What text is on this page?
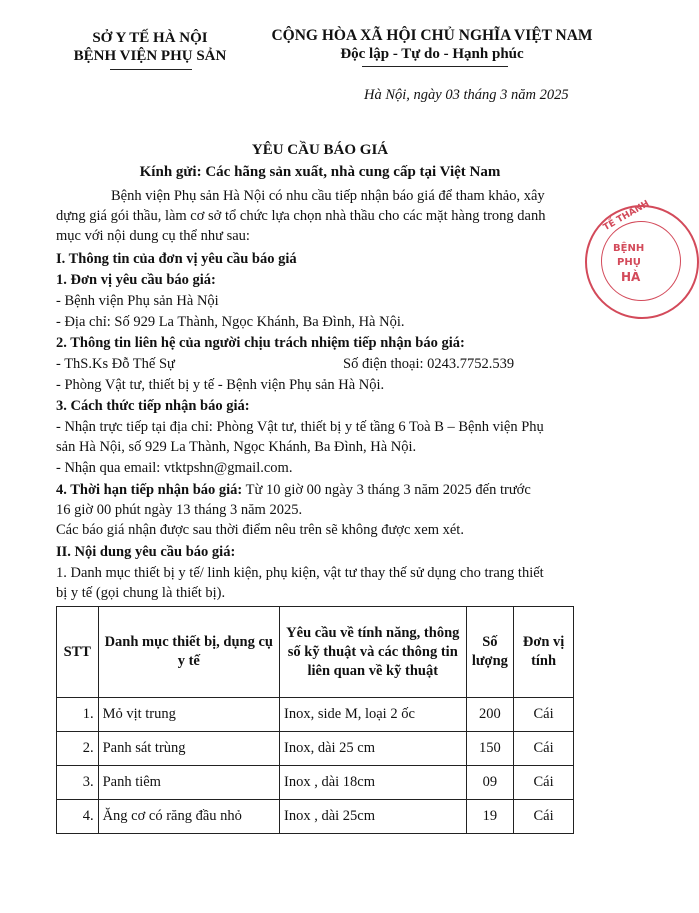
SỞ Y TẾ HÀ NỘI
BỆNH VIỆN PHỤ SẢN
CỘNG HÒA XÃ HỘI CHỦ NGHĨA VIỆT NAM
Độc lập - Tự do - Hạnh phúc
Hà Nội, ngày 03 tháng 3 năm 2025
YÊU CẦU BÁO GIÁ
Kính gửi: Các hãng sản xuất, nhà cung cấp tại Việt Nam
Bệnh viện Phụ sản Hà Nội có nhu cầu tiếp nhận báo giá để tham khảo, xây
dựng giá gói thầu, làm cơ sở tổ chức lựa chọn nhà thầu cho các mặt hàng trong danh
mục với nội dung cụ thể như sau:
I. Thông tin của đơn vị yêu cầu báo giá
1. Đơn vị yêu cầu báo giá:
- Bệnh viện Phụ sản Hà Nội
- Địa chỉ: Số 929 La Thành, Ngọc Khánh, Ba Đình, Hà Nội.
2. Thông tin liên hệ của người chịu trách nhiệm tiếp nhận báo giá:
- ThS.Ks Đỗ Thế Sự	Số điện thoại: 0243.7752.539
- Phòng Vật tư, thiết bị y tế - Bệnh viện Phụ sản Hà Nội.
3. Cách thức tiếp nhận báo giá:
- Nhận trực tiếp tại địa chỉ: Phòng Vật tư, thiết bị y tế tầng 6 Toà B – Bệnh viện Phụ
sản Hà Nội, số 929 La Thành, Ngọc Khánh, Ba Đình, Hà Nội.
- Nhận qua email: vtktpshn@gmail.com.
4. Thời hạn tiếp nhận báo giá: Từ 10 giờ 00 ngày 3 tháng 3 năm 2025 đến trước
16 giờ 00 phút ngày 13 tháng 3 năm 2025.
Các báo giá nhận được sau thời điểm nêu trên sẽ không được xem xét.
II. Nội dung yêu cầu báo giá:
1. Danh mục thiết bị y tế/ linh kiện, phụ kiện, vật tư thay thế sử dụng cho trang thiết
bị y tế (gọi chung là thiết bị).
STT	Danh mục thiết bị, dụng cụ y tế	Yêu cầu về tính năng, thông số kỹ thuật và các thông tin liên quan về kỹ thuật	Số lượng	Đơn vị tính
1.	Mỏ vịt trung	Inox, side M, loại 2 ốc	200	Cái
2.	Panh sát trùng	Inox, dài 25 cm	150	Cái
3.	Panh tiêm	Inox , dài 18cm	09	Cái
4.	Ăng cơ có răng đầu nhỏ	Inox , dài 25cm	19	Cái
TẾ THÀNH
BỆNH
PHỤ
HÀ
